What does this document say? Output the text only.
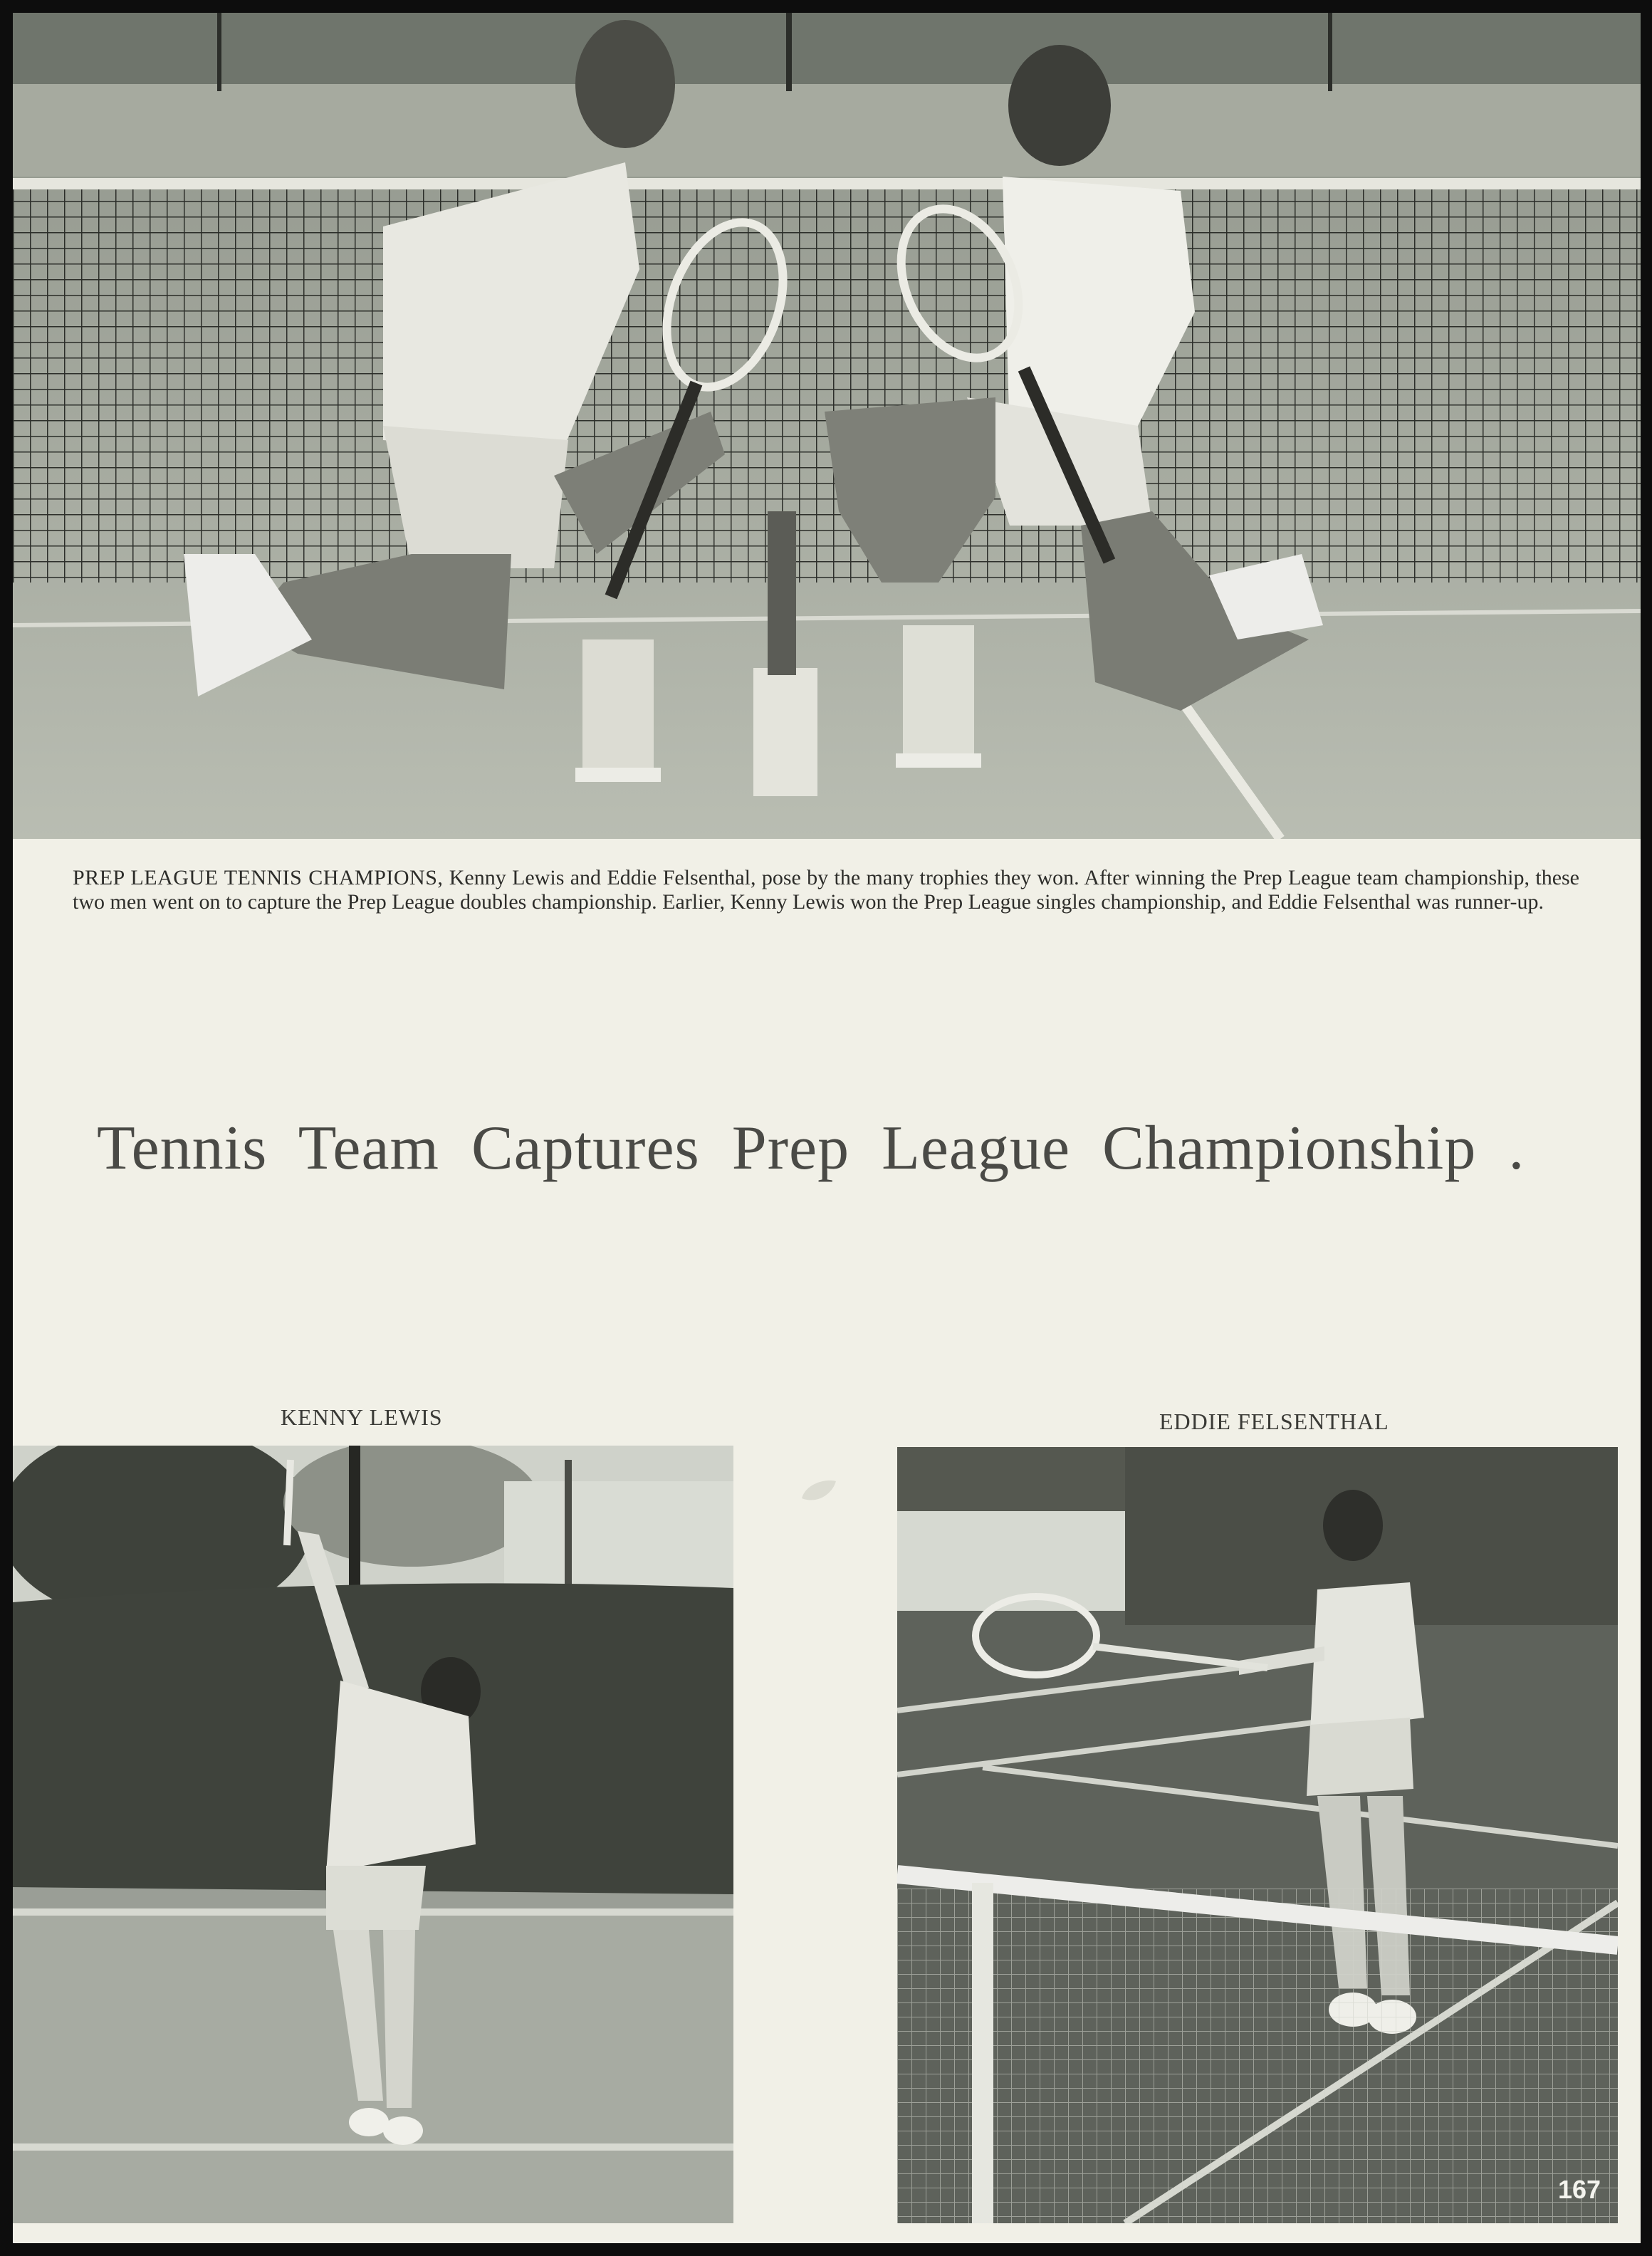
PREP LEAGUE TENNIS CHAMPIONS, Kenny Lewis and Eddie Felsenthal, pose by the many trophies they won. After winning the Prep League team championship, these two men went on to capture the Prep League doubles championship. Earlier, Kenny Lewis won the Prep League singles championship, and Eddie Felsenthal was runner-up.
Tennis Team Captures Prep League Championship .
KENNY LEWIS	EDDIE FELSENTHAL
167
